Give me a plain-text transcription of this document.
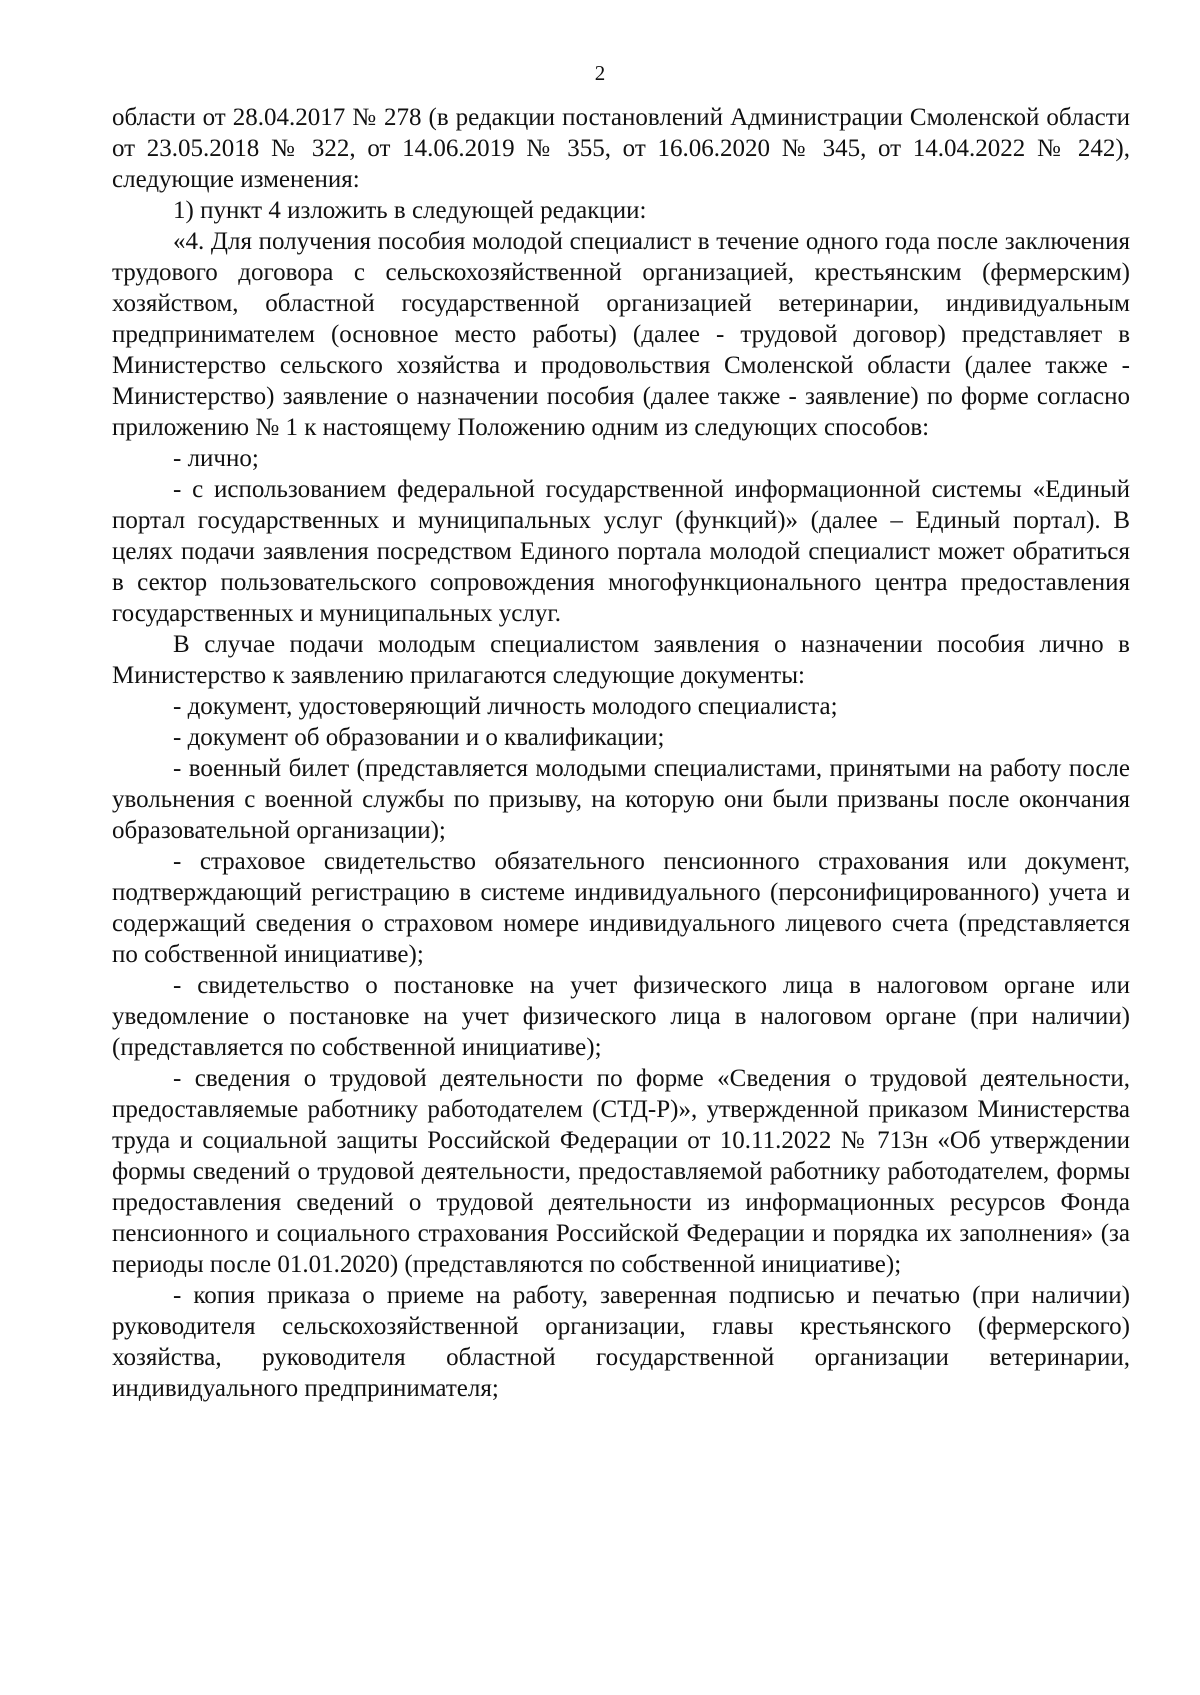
2

области от 28.04.2017 № 278 (в редакции постановлений Администрации Смоленской области от 23.05.2018 № 322, от 14.06.2019 № 355, от 16.06.2020 № 345, от 14.04.2022 № 242), следующие изменения:

1) пункт 4 изложить в следующей редакции:

«4. Для получения пособия молодой специалист в течение одного года после заключения трудового договора с сельскохозяйственной организацией, крестьянским (фермерским) хозяйством, областной государственной организацией ветеринарии, индивидуальным предпринимателем (основное место работы) (далее - трудовой договор) представляет в Министерство сельского хозяйства и продовольствия Смоленской области (далее также - Министерство) заявление о назначении пособия (далее также - заявление) по форме согласно приложению № 1 к настоящему Положению одним из следующих способов:

- лично;

- с использованием федеральной государственной информационной системы «Единый портал государственных и муниципальных услуг (функций)» (далее – Единый портал). В целях подачи заявления посредством Единого портала молодой специалист может обратиться в сектор пользовательского сопровождения многофункционального центра предоставления государственных и муниципальных услуг.

В случае подачи молодым специалистом заявления о назначении пособия лично в Министерство к заявлению прилагаются следующие документы:

- документ, удостоверяющий личность молодого специалиста;

- документ об образовании и о квалификации;

- военный билет (представляется молодыми специалистами, принятыми на работу после увольнения с военной службы по призыву, на которую они были призваны после окончания образовательной организации);

- страховое свидетельство обязательного пенсионного страхования или документ, подтверждающий регистрацию в системе индивидуального (персонифицированного) учета и содержащий сведения о страховом номере индивидуального лицевого счета (представляется по собственной инициативе);

- свидетельство о постановке на учет физического лица в налоговом органе или уведомление о постановке на учет физического лица в налоговом органе (при наличии) (представляется по собственной инициативе);

- сведения о трудовой деятельности по форме «Сведения о трудовой деятельности, предоставляемые работнику работодателем (СТД-Р)», утвержденной приказом Министерства труда и социальной защиты Российской Федерации от 10.11.2022 № 713н «Об утверждении формы сведений о трудовой деятельности, предоставляемой работнику работодателем, формы предоставления сведений о трудовой деятельности из информационных ресурсов Фонда пенсионного и социального страхования Российской Федерации и порядка их заполнения» (за периоды после 01.01.2020) (представляются по собственной инициативе);

- копия приказа о приеме на работу, заверенная подписью и печатью (при наличии) руководителя сельскохозяйственной организации, главы крестьянского (фермерского) хозяйства, руководителя областной государственной организации ветеринарии, индивидуального предпринимателя;
